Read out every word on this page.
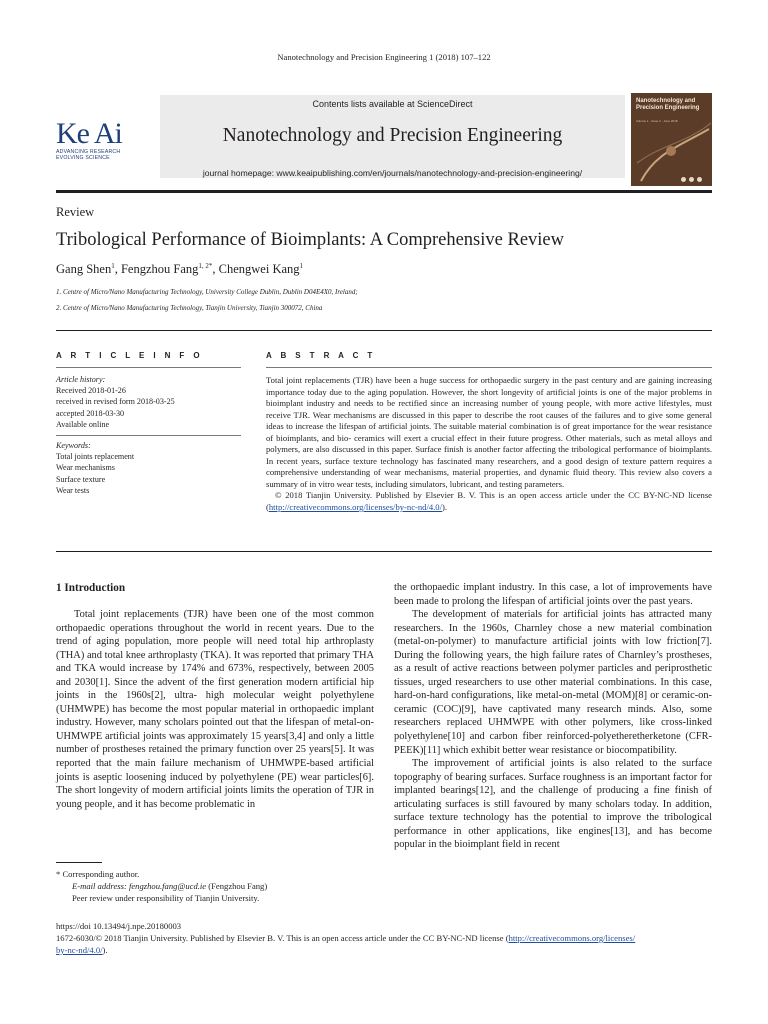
Nanotechnology and Precision Engineering 1 (2018) 107–122
Ke Ai
ADVANCING RESEARCH
EVOLVING SCIENCE
Contents lists available at ScienceDirect
Nanotechnology and Precision Engineering
journal homepage: www.keaipublishing.com/en/journals/nanotechnology-and-precision-engineering/
Nanotechnology and Precision Engineering
Volume 1 · Issue 2 · June 2018
Review
Tribological Performance of Bioimplants: A Comprehensive Review
Gang Shen$^1$, Fengzhou Fang$^{1, 2*}$, Chengwei Kang$^1$
1. Centre of Micro/Nano Manufacturing Technology, University College Dublin, Dublin D04E4X0, Ireland;
2. Centre of Micro/Nano Manufacturing Technology, Tianjin University, Tianjin 300072, China
A R T I C L E I N F O	A B S T R A C T
Article history:
Received 2018-01-26
received in revised form 2018-03-25
accepted 2018-03-30
Available online
Keywords:
Total joints replacement
Wear mechanisms
Surface texture
Wear tests
Total joint replacements (TJR) have been a huge success for orthopaedic surgery in the past century and are gaining increasing importance today due to the aging population. However, the short longevity of artificial joints is one of the major problems in bioimplant industry and needs to be rectified since an increasing number of young people, with more active lifestyles, must receive TJR. Wear mechanisms are discussed in this paper to describe the root causes of the failures and to give some general ideas to increase the lifespan of artificial joints. The suitable material combination is of great importance for the wear resistance of bioimplants, and bio- ceramics will exert a crucial effect in their future progress. Other materials, such as metal alloys and polymers, are also discussed in this paper. Surface finish is another factor affecting the tribological performance of bioimplants. In recent years, surface texture technology has fascinated many researchers, and a good design of texture pattern requires a comprehensive understanding of wear mechanisms, material properties, and dynamic fluid theory. This review also covers a summary of in vitro wear tests, including simulators, lubricant, and testing parameters.
© 2018 Tianjin University. Published by Elsevier B. V. This is an open access article under the CC BY-NC-ND license (http://creativecommons.org/licenses/by-nc-nd/4.0/).
1 Introduction

Total joint replacements (TJR) have been one of the most common orthopaedic operations throughout the world in recent years. Due to the trend of aging population, more people will need total hip arthroplasty (THA) and total knee arthroplasty (TKA). It was reported that primary THA and TKA would increase by 174% and 673%, respectively, between 2005 and 2030[1]. Since the advent of the first generation modern artificial hip joints in the 1960s[2], ultra- high molecular weight polyethylene (UHMWPE) has become the most popular material in orthopaedic implant industry. However, many scholars pointed out that the lifespan of metal-on-UHMWPE artificial joints was approximately 15 years[3,4] and only a little number of prostheses retained the primary function over 25 years[5]. It was reported that the main failure mechanism of UHMWPE-based artificial joints is aseptic loosening induced by polyethylene (PE) wear particles[6]. The short longevity of modern artificial joints limits the operation of TJR in young people, and it has become problematic in

the orthopaedic implant industry. In this case, a lot of improvements have been made to prolong the lifespan of artificial joints over the past years.

The development of materials for artificial joints has attracted many researchers. In the 1960s, Charnley chose a new material combination (metal-on-polymer) to manufacture artificial joints with low friction[7]. During the following years, the high failure rates of Charnley’s prostheses, as a result of active reactions between polymer particles and periprosthetic tissues, urged researchers to use other material combinations. In this case, hard-on-hard configurations, like metal-on-metal (MOM)[8] or ceramic-on-ceramic (COC)[9], have captivated many research minds. Also, some researchers replaced UHMWPE with other polymers, like cross-linked polyethylene[10] and carbon fiber reinforced-polyetheretherketone (CFR-PEEK)[11] which exhibit better wear resistance or biocompatibility.

The improvement of artificial joints is also related to the surface topography of bearing surfaces. Surface roughness is an important factor for implanted bearings[12], and the challenge of producing a fine finish of articulating surfaces is still favoured by many scholars today. In addition, surface texture technology has the potential to improve the tribological performance in other applications, like engines[13], and has become popular in the bioimplant field in recent

* Corresponding author.
E-mail address: fengzhou.fang@ucd.ie (Fengzhou Fang)
Peer review under responsibility of Tianjin University.
https://doi 10.13494/j.npe.20180003
1672-6030/© 2018 Tianjin University. Published by Elsevier B. V. This is an open access article under the CC BY-NC-ND license (http://creativecommons.org/licenses/
by-nc-nd/4.0/).
